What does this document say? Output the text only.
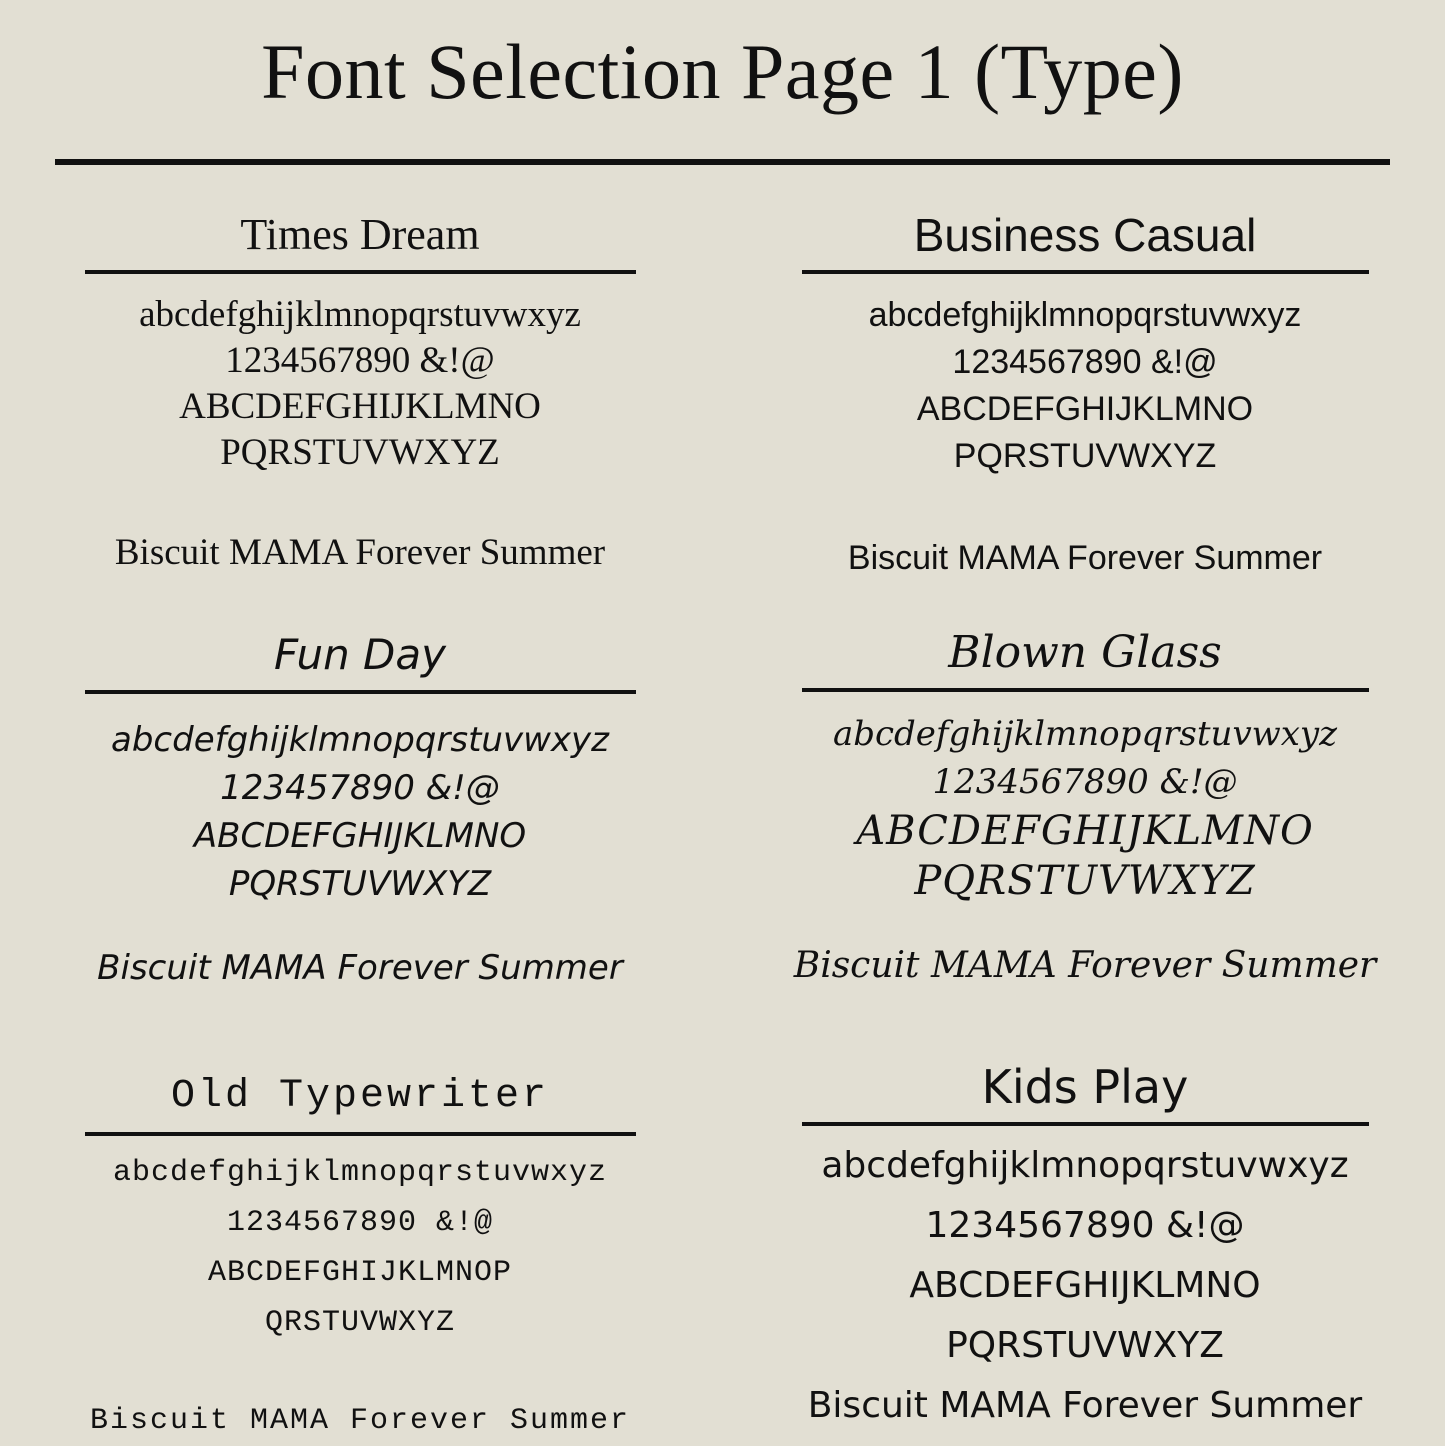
Font Selection Page 1 (Type)
Times Dream
abcdefghijklmnopqrstuvwxyz
1234567890 &!@
ABCDEFGHIJKLMNO
PQRSTUVWXYZ
Biscuit MAMA Forever Summer
Business Casual
abcdefghijklmnopqrstuvwxyz
1234567890 &!@
ABCDEFGHIJKLMNO
PQRSTUVWXYZ
Biscuit MAMA Forever Summer
Fun Day
abcdefghijklmnopqrstuvwxyz
123457890 &!@
ABCDEFGHIJKLMNO
PQRSTUVWXYZ
Biscuit MAMA Forever Summer
Blown Glass
abcdefghijklmnopqrstuvwxyz
1234567890 &!@
ABCDEFGHIJKLMNO
PQRSTUVWXYZ
Biscuit MAMA Forever Summer
Old Typewriter
abcdefghijklmnopqrstuvwxyz
1234567890 &!@
ABCDEFGHIJKLMNOP
QRSTUVWXYZ
Biscuit MAMA Forever Summer
Kids Play
abcdefghijklmnopqrstuvwxyz
1234567890 &!@
ABCDEFGHIJKLMNO
PQRSTUVWXYZ
Biscuit MAMA Forever Summer
